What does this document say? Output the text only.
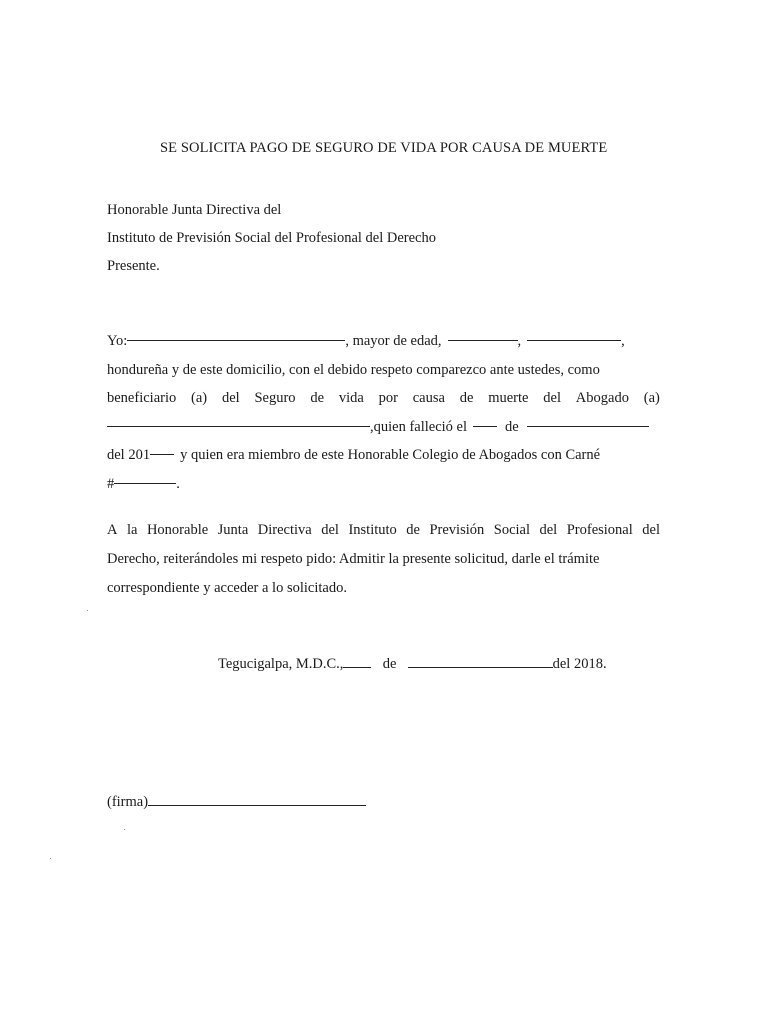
SE SOLICITA PAGO DE SEGURO DE VIDA POR CAUSA DE MUERTE
Honorable Junta Directiva del
Instituto de Previsión Social del Profesional del Derecho
Presente.
Yo:	, mayor de edad,	,	,
hondureña y de este domicilio, con el debido respeto comparezco ante ustedes, como
beneficiario (a) del Seguro de vida por causa de muerte del Abogado (a)
,quien falleció el	de
del 201 y quien era miembro de este Honorable Colegio de Abogados con Carné
#	.
A la Honorable Junta Directiva del Instituto de Previsión Social del Profesional del
Derecho, reiterándoles mi respeto pido: Admitir la presente solicitud, darle el trámite
correspondiente y acceder a lo solicitado.
Tegucigalpa, M.D.C.,	de	del 2018.
(firma)
